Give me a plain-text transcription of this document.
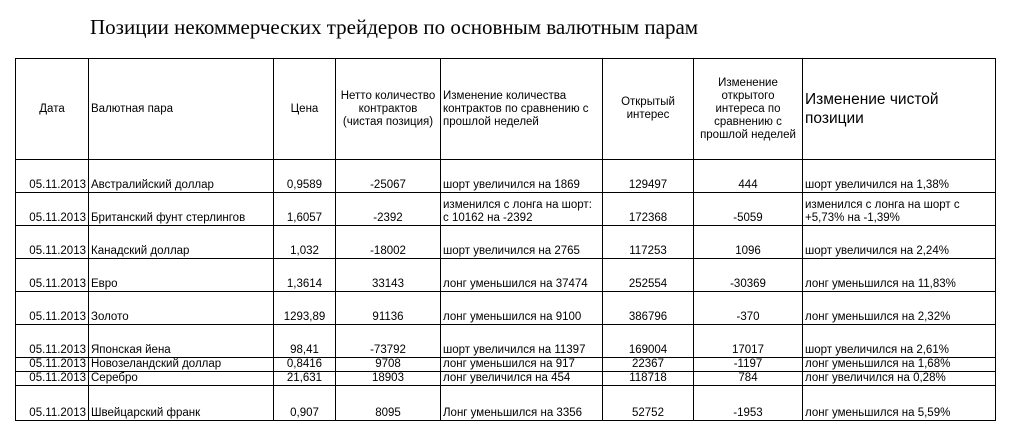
Позиции некоммерческих трейдеров по основным валютным парам
Дата	Валютная пара	Цена	Нетто количество контрактов (чистая позиция)	Изменение количества контрактов по сравнению с прошлой неделей	Открытый интерес	Изменение открытого интереса по сравнению с прошлой неделей	Изменение чистой позиции
05.11.2013	Австралийский доллар	0,9589	-25067	шорт увеличился на 1869	129497	444	шорт увеличился на 1,38%
05.11.2013	Британский фунт стерлингов	1,6057	-2392	изменился с лонга на шорт: с 10162 на -2392	172368	-5059	изменился с лонга на шорт с +5,73% на -1,39%
05.11.2013	Канадский доллар	1,032	-18002	шорт увеличился на 2765	117253	1096	шорт увеличился на 2,24%
05.11.2013	Евро	1,3614	33143	лонг уменьшился на 37474	252554	-30369	лонг уменьшился на 11,83%
05.11.2013	Золото	1293,89	91136	лонг уменьшился на 9100	386796	-370	лонг уменьшился на 2,32%
05.11.2013	Японская йена	98,41	-73792	шорт увеличился на 11397	169004	17017	шорт увеличился на 2,61%
05.11.2013	Новозеландский доллар	0,8416	9708	лонг уменьшился на 917	22367	-1197	лонг уменьшился на 1,68%
05.11.2013	Серебро	21,631	18903	лонг увеличился на 454	118718	784	лонг увеличился на 0,28%
05.11.2013	Швейцарский франк	0,907	8095	Лонг уменьшился на 3356	52752	-1953	лонг уменьшился на 5,59%
